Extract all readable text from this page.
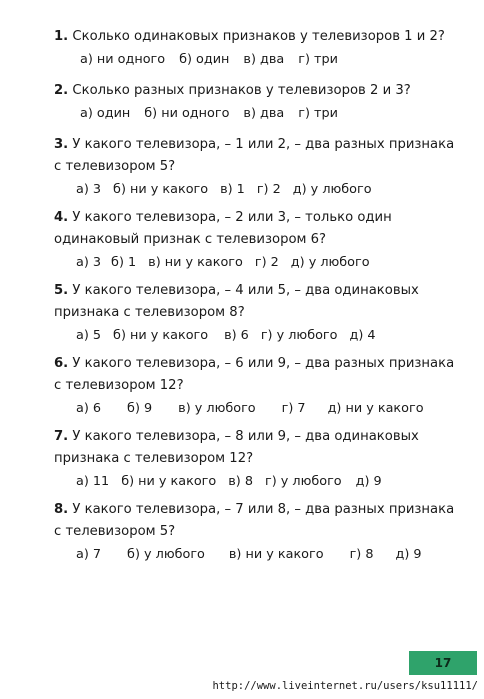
1. Сколько одинаковых признаков у телевизоров 1 и 2?
а) ни одного б) один в) два г) три
2. Сколько разных признаков у телевизоров 2 и 3?
а) один б) ни одного в) два г) три
3. У какого телевизора, – 1 или 2, – два разных признака
с телевизором 5?
а) 3 б) ни у какого в) 1 г) 2 д) у любого
4. У какого телевизора, – 2 или 3, – только один
одинаковый признак с телевизором 6?
а) 3 б) 1 в) ни у какого г) 2 д) у любого
5. У какого телевизора, – 4 или 5, – два одинаковых
признака с телевизором 8?
а) 5 б) ни у какого в) 6 г) у любого д) 4
6. У какого телевизора, – 6 или 9, – два разных признака
с телевизором 12?
а) 6 б) 9 в) у любого г) 7 д) ни у какого
7. У какого телевизора, – 8 или 9, – два одинаковых
признака с телевизором 12?
а) 11 б) ни у какого в) 8 г) у любого д) 9
8. У какого телевизора, – 7 или 8, – два разных признака
с телевизором 5?
а) 7 б) у любого в) ни у какого г) 8 д) 9
17
http://www.liveinternet.ru/users/ksu11111/
